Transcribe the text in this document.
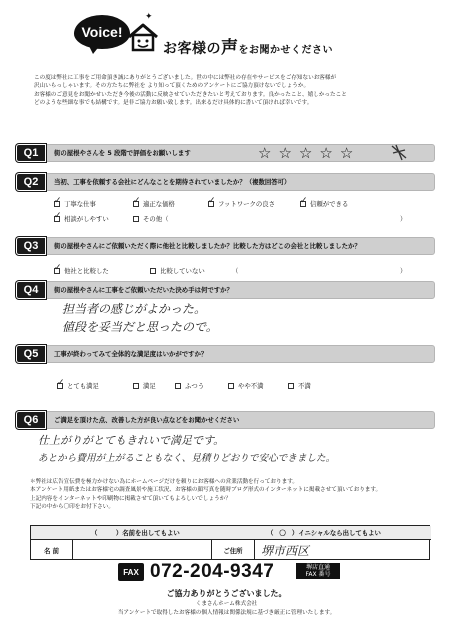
Voice!
✦
お客様の声をお聞かせください
この度は弊社に工事をご用命頂き誠にありがとうございました。世の中には弊社の存在やサービスをご存知ないお客様が
沢山いらっしゃいます。その方たちに弊社を より知って頂くためのアンケートにご協力頂けないでしょうか。
お客様のご意見をお聞かせいただき今後の活動に反映させていただきたいと考えております。良かったこと、嬉しかったこと
どのような些細な事でも結構です。是非ご協力お願い致します。出来るだけ具体的に書いて頂ければ幸いです。
Q1	街の屋根やさんを 5 段階で評価をお願いします	☆☆☆☆☆
Q2	当初、工事を依頼する会社にどんなことを期待されていましたか？（複数回答可）
✓
丁寧な仕事 ✓	適正な価格 ✓	フットワークの良さ ✓	信頼ができる
✓
相談がしやすい	その他（	）
Q3	街の屋根やさんにご依頼いただく際に他社と比較しましたか？比較した方はどこの会社と比較しましたか？
✓
他社と比較した	比較していない	（	）
Q4	街の屋根やさんに工事をご依頼いただいた決め手は何ですか？
担当者の感じがよかった。
値段を妥当だと思ったので。
Q5	工事が終わってみて全体的な満足度はいかがですか？
✓
とても満足	満足	ふつう	やや不満	不満
Q6	ご満足を頂けた点、改善した方が良い点などをお聞かせください
仕上がりがとてもきれいで満足です。
あとから費用が上がることもなく、見積りどおりで安心できました。
＊弊社は広告宣伝費を極力かけない為にホームページだけを頼りにお客様への営業活動を行っております。
本アンケート用紙またはお客様宅の調査風景や施工状況、お客様の顔写真を随時ブログ形式のインターネットに掲載させて頂いております。
上記内容をインターネットや印刷物に掲載させて頂いてもよろしいでしょうか？
下記の中から〇印をお付下さい。
（  ）名前を出してもよい	（ 〇 ）イニシャルなら出してもよい
名 前	ご住所	堺市西区
FAX 072-204-9347	堺店直通
FAX 番号
ご協力ありがとうございました。
くまさんホーム株式会社
当アンケートで取得したお客様の個人情報は関係法規に基づき厳正に管理いたします。
